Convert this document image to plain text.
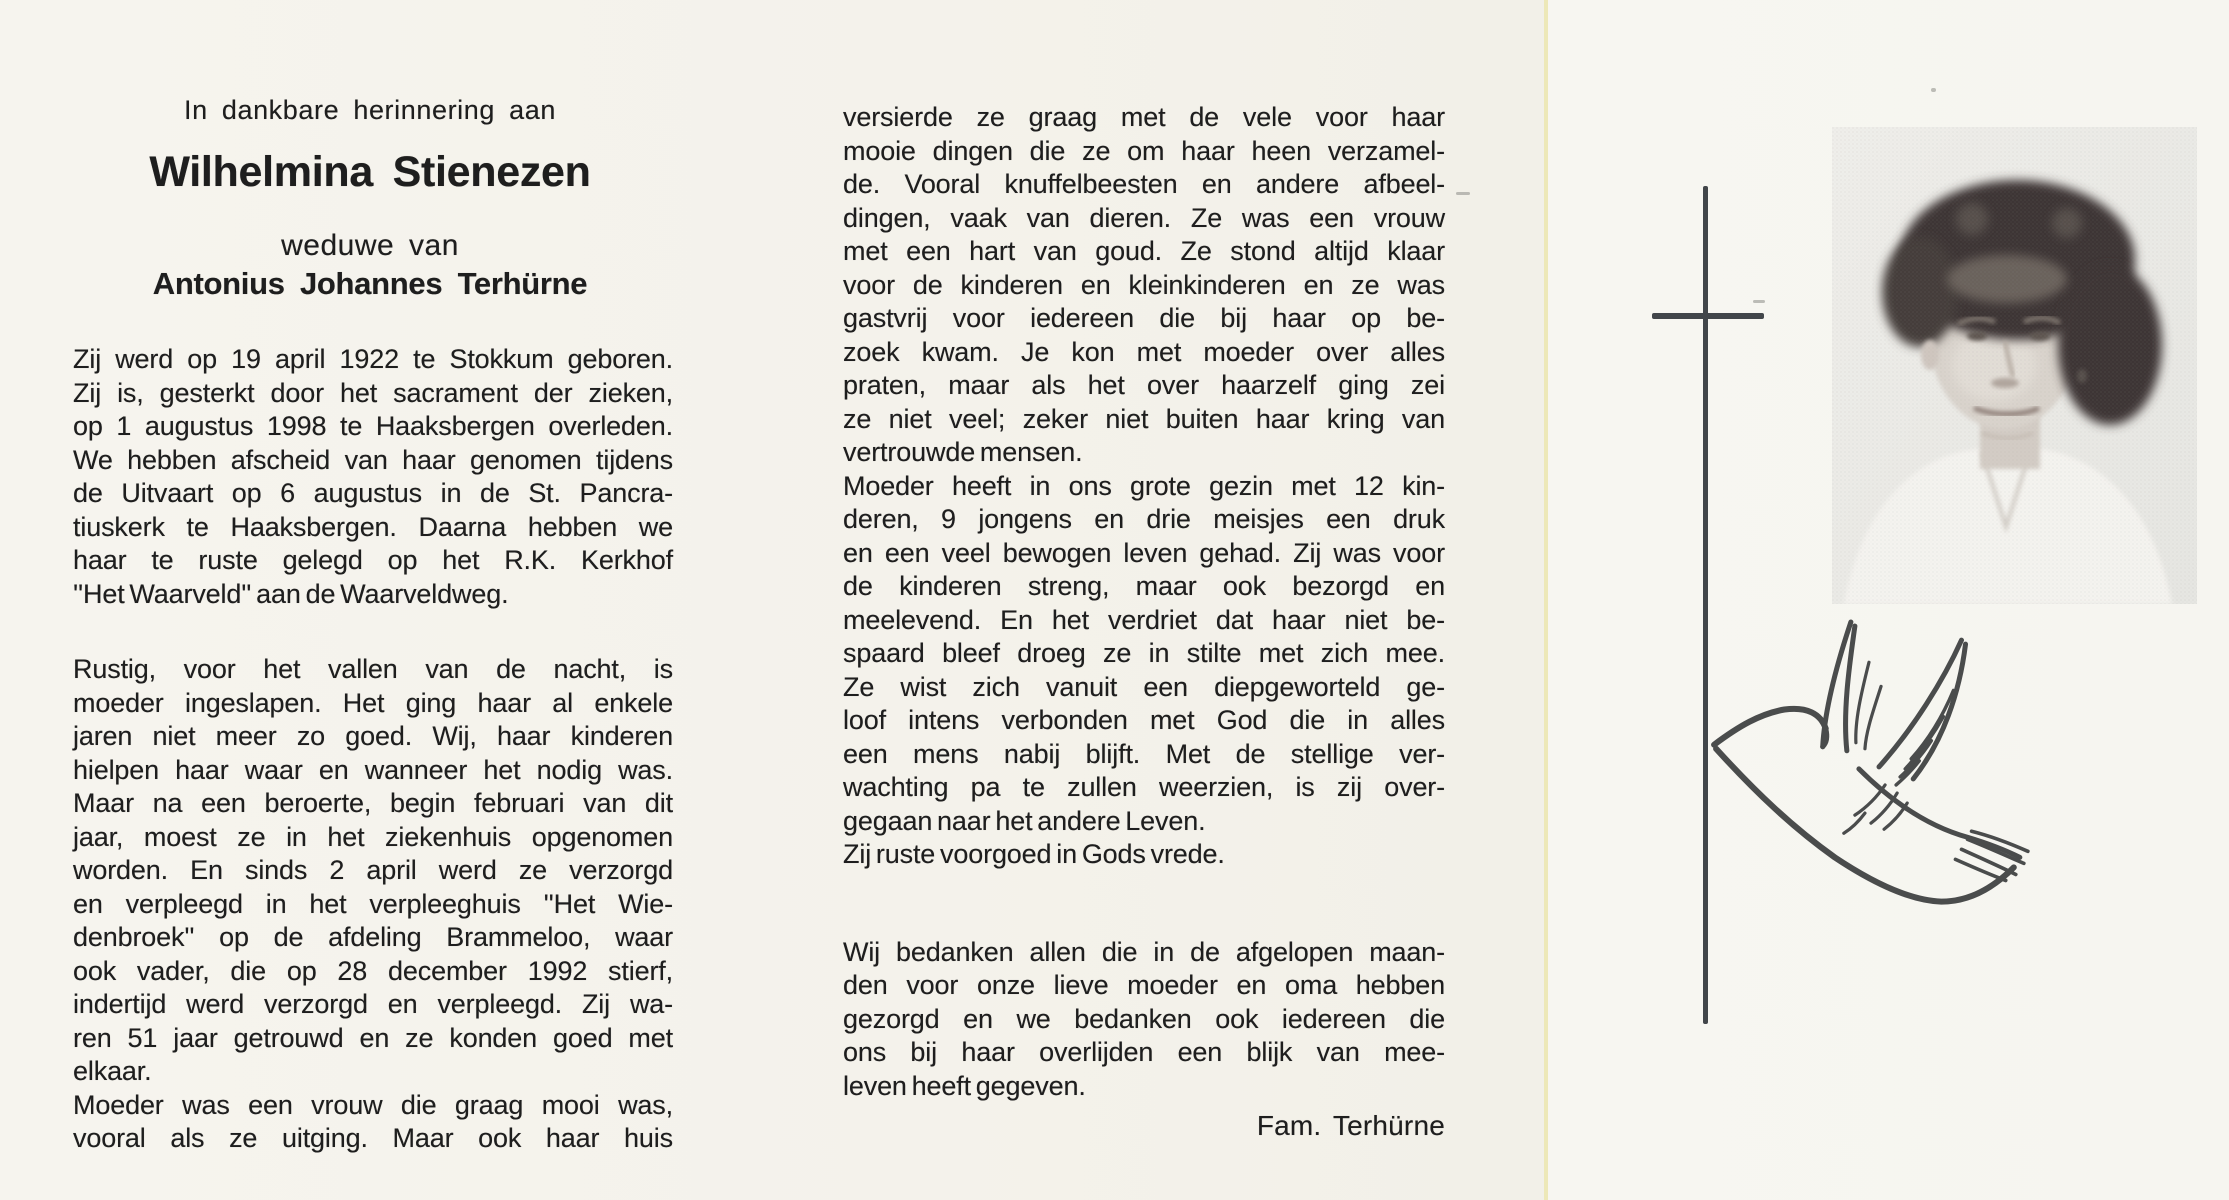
In dankbare herinnering aan
Wilhelmina Stienezen
weduwe van
Antonius Johannes Terhürne
Zij werd op 19 april 1922 te Stokkum geboren.
Zij is, gesterkt door het sacrament der zieken,
op 1 augustus 1998 te Haaksbergen overleden.
We hebben afscheid van haar genomen tijdens
de Uitvaart op 6 augustus in de St. Pancra-
tiuskerk te Haaksbergen. Daarna hebben we
haar te ruste gelegd op het R.K. Kerkhof
''Het Waarveld'' aan de Waarveldweg.
Rustig, voor het vallen van de nacht, is
moeder ingeslapen. Het ging haar al enkele
jaren niet meer zo goed. Wij, haar kinderen
hielpen haar waar en wanneer het nodig was.
Maar na een beroerte, begin februari van dit
jaar, moest ze in het ziekenhuis opgenomen
worden. En sinds 2 april werd ze verzorgd
en verpleegd in het verpleeghuis ''Het Wie-
denbroek'' op de afdeling Brammeloo, waar
ook vader, die op 28 december 1992 stierf,
indertijd werd verzorgd en verpleegd. Zij wa-
ren 51 jaar getrouwd en ze konden goed met
elkaar.
Moeder was een vrouw die graag mooi was,
vooral als ze uitging. Maar ook haar huis
versierde ze graag met de vele voor haar
mooie dingen die ze om haar heen verzamel-
de. Vooral knuffelbeesten en andere afbeel-
dingen, vaak van dieren. Ze was een vrouw
met een hart van goud. Ze stond altijd klaar
voor de kinderen en kleinkinderen en ze was
gastvrij voor iedereen die bij haar op be-
zoek kwam. Je kon met moeder over alles
praten, maar als het over haarzelf ging zei
ze niet veel; zeker niet buiten haar kring van
vertrouwde mensen.
Moeder heeft in ons grote gezin met 12 kin-
deren, 9 jongens en drie meisjes een druk
en een veel bewogen leven gehad. Zij was voor
de kinderen streng, maar ook bezorgd en
meelevend. En het verdriet dat haar niet be-
spaard bleef droeg ze in stilte met zich mee.
Ze wist zich vanuit een diepgeworteld ge-
loof intens verbonden met God die in alles
een mens nabij blijft. Met de stellige ver-
wachting pa te zullen weerzien, is zij over-
gegaan naar het andere Leven.
Zij ruste voorgoed in Gods vrede.
Wij bedanken allen die in de afgelopen maan-
den voor onze lieve moeder en oma hebben
gezorgd en we bedanken ook iedereen die
ons bij haar overlijden een blijk van mee-
leven heeft gegeven.
Fam. Terhürne
